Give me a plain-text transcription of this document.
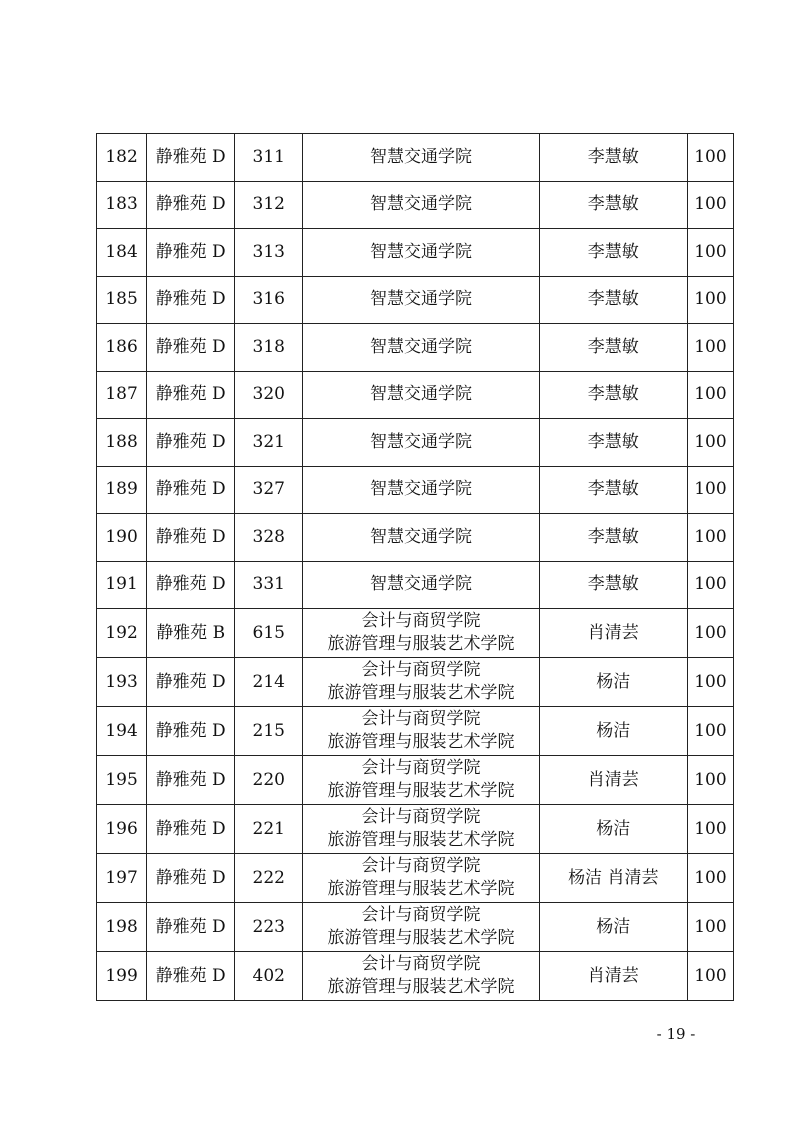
182	静雅苑 D	311	智慧交通学院	李慧敏	100
183	静雅苑 D	312	智慧交通学院	李慧敏	100
184	静雅苑 D	313	智慧交通学院	李慧敏	100
185	静雅苑 D	316	智慧交通学院	李慧敏	100
186	静雅苑 D	318	智慧交通学院	李慧敏	100
187	静雅苑 D	320	智慧交通学院	李慧敏	100
188	静雅苑 D	321	智慧交通学院	李慧敏	100
189	静雅苑 D	327	智慧交通学院	李慧敏	100
190	静雅苑 D	328	智慧交通学院	李慧敏	100
191	静雅苑 D	331	智慧交通学院	李慧敏	100
192	静雅苑 B	615	会计与商贸学院
旅游管理与服装艺术学院	肖清芸	100
193	静雅苑 D	214	会计与商贸学院
旅游管理与服装艺术学院	杨洁	100
194	静雅苑 D	215	会计与商贸学院
旅游管理与服装艺术学院	杨洁	100
195	静雅苑 D	220	会计与商贸学院
旅游管理与服装艺术学院	肖清芸	100
196	静雅苑 D	221	会计与商贸学院
旅游管理与服装艺术学院	杨洁	100
197	静雅苑 D	222	会计与商贸学院
旅游管理与服装艺术学院	杨洁 肖清芸	100
198	静雅苑 D	223	会计与商贸学院
旅游管理与服装艺术学院	杨洁	100
199	静雅苑 D	402	会计与商贸学院
旅游管理与服装艺术学院	肖清芸	100
- 19 -
